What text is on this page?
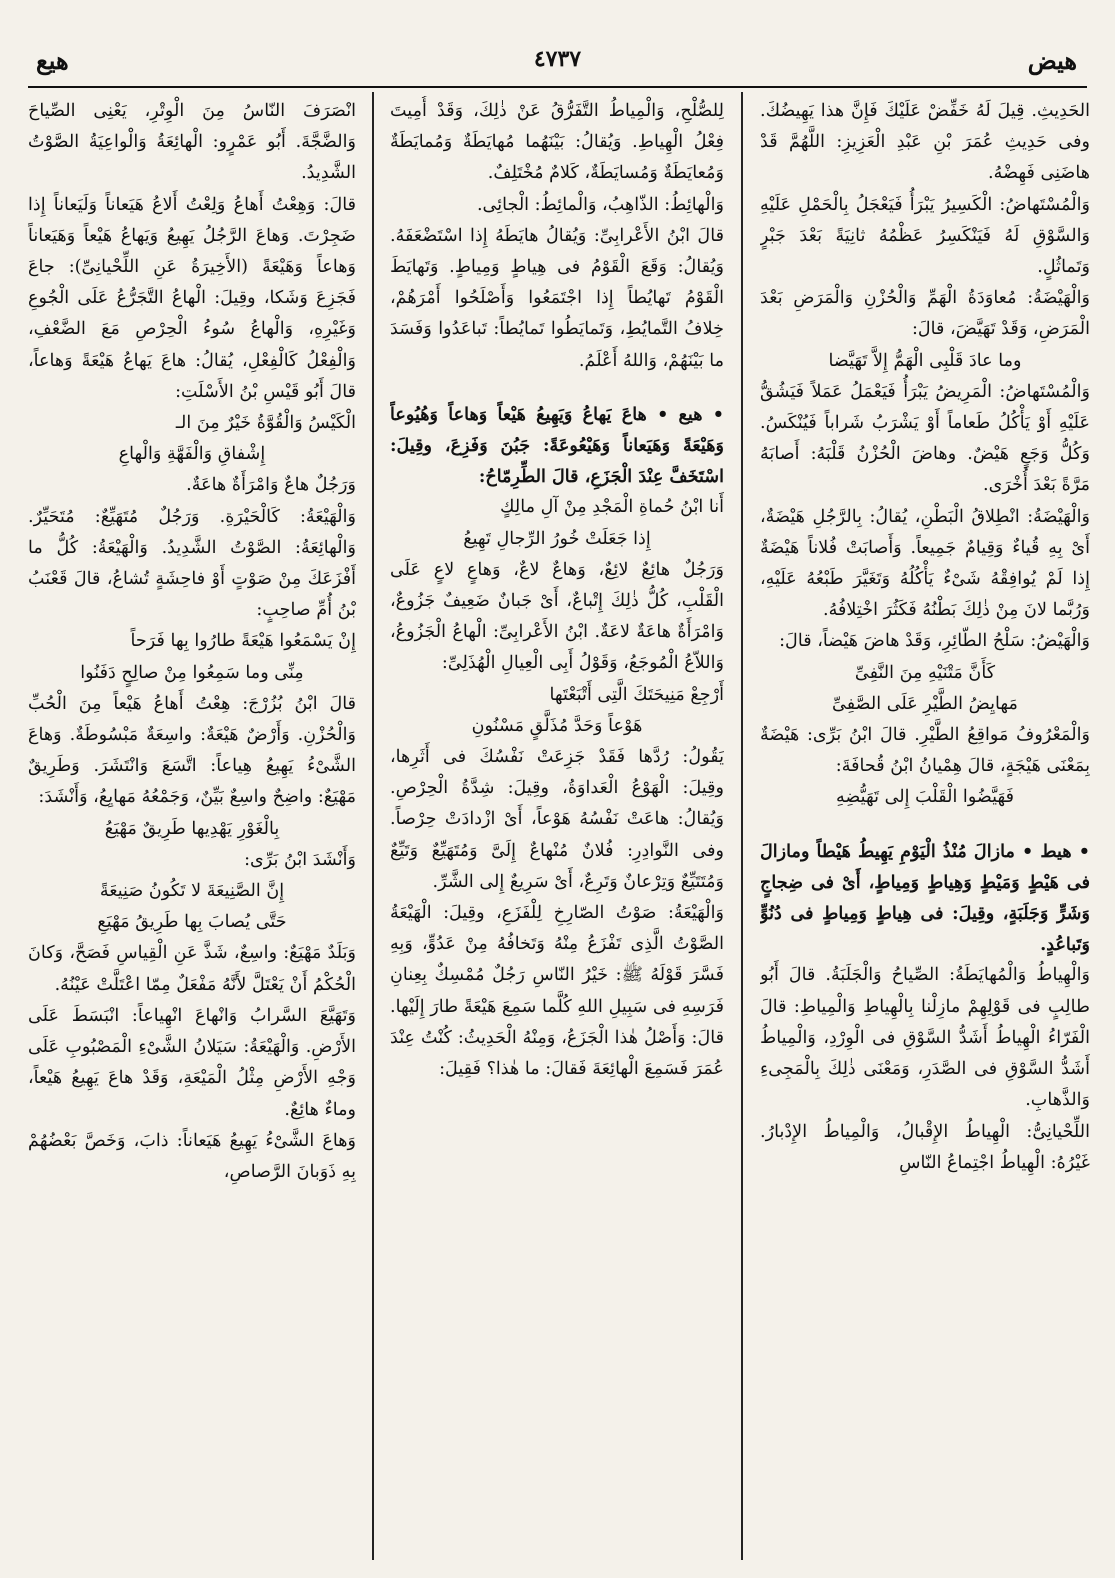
هيض
٤٧٣٧
هيع

الحَدِيثِ. قِيلَ لَهُ خَفِّضْ عَلَيْكَ فَإِنَّ هذا يَهِيضُكَ. وفى حَدِيثِ عُمَرَ بْنِ عَبْدِ الْعَزِيزِ: اللَّهُمَّ قَدْ هاضَنِى فَهِضْهُ.

وَالْمُسْتَهاضُ: الْكَسِيرُ يَبْرَأُ فَيَعْجَلُ بِالْحَمْلِ عَلَيْهِ وَالسَّوْقِ لَهُ فَيَنْكَسِرُ عَظْمُهُ ثانِيَةً بَعْدَ جَبْرٍ وَتَماثُلٍ.

وَالْهَيْضَةُ: مُعاوَدَةُ الْهَمِّ وَالْحُزْنِ وَالْمَرَضِ بَعْدَ الْمَرَضِ، وَقَدْ تَهَيَّضَ، قالَ:

وما عادَ قَلْبِى الْهَمُّ إِلاَّ تَهَيَّضا

وَالْمُسْتَهاضُ: الْمَرِيضُ يَبْرَأُ فَيَعْمَلُ عَمَلاً فَيَشُقُّ عَلَيْهِ أَوْ يَأْكُلُ طَعاماً أَوْ يَشْرَبُ شَراباً فَيُنْكَسُ. وَكُلُّ وَجَعٍ هَيْضٌ. وهاضَ الْحُزْنُ قَلْبَهُ: أَصابَهُ مَرَّةً بَعْدَ أُخْرَى.

وَالْهَيْضَةُ: انْطِلاقُ الْبَطْنِ، يُقالُ: بِالرَّجُلِ هَيْضَةٌ، أَىْ بِهِ قُياءٌ وَقِيامٌ جَمِيعاً. وَأَصابَتْ فُلاناً هَيْضَةٌ إِذا لَمْ يُوافِقْهُ شَىْءٌ يَأْكُلُهُ وَتَغَيَّرَ طَبْعُهُ عَلَيْهِ، وَرُبَّما لانَ مِنْ ذٰلِكَ بَطْنُهُ فَكَثُرَ اخْتِلافُهُ.

وَالْهَيْضُ: سَلْحُ الطّائِرِ، وَقَدْ هاضَ هَيْضاً، قالَ:

كَأَنَّ مَتْنَيْهِ مِنَ النَّفِىِّ

مَهايِضُ الطَّيْرِ عَلَى الصَّفِىِّ

وَالْمَعْرُوفُ مَواقِعُ الطَّيْرِ. قالَ ابْنُ بَرِّى: هَيْضَةٌ بِمَعْنَى هَيْجَةٍ، قالَ هِمْيانُ ابْنُ قُحافَةَ:

فَهَيَّضُوا الْقَلْبَ إِلى تَهَيُّضِهِ

• هيط • مازالَ مُنْذُ الْيَوْمِ يَهِيطُ هَيْطاً ومازالَ فى هَيْطٍ وَمَيْطٍ وَهِياطٍ وَمِياطٍ، أَىْ فى ضِجاجٍ وَشَرٍّ وَجَلَبَةٍ، وقِيلَ: فى هِياطٍ وَمِياطٍ فى دُنُوٍّ وَتَباعُدٍ.

وَالْهِياطُ وَالْمُهايَطَةُ: الصِّياحُ وَالْجَلَبَةُ. قالَ أَبُو طالِبٍ فى قَوْلِهِمْ مازِلْنا بِالْهِياطِ وَالْمِياطِ: قالَ الْفَرّاءُ الْهِياطُ أَشَدُّ السَّوْقِ فى الْوِرْدِ، وَالْمِياطُ أَشَدُّ السَّوْقِ فى الصَّدَرِ، وَمَعْنَى ذٰلِكَ بِالْمَجِىءِ وَالذَّهابِ.

اللِّحْيانِىُّ: الْهِياطُ الإِقْبالُ، وَالْمِياطُ الإِدْبارُ. غَيْرُهُ: الْهِياطُ اجْتِماعُ النّاسِ

لِلصُّلْحِ، وَالْمِياطُ التَّفَرُّقُ عَنْ ذٰلِكَ، وَقَدْ أُمِيتَ فِعْلُ الْهِياطِ. وَيُقالُ: بَيْنَهُما مُهايَطَةٌ وَمُمايَطَةٌ وَمُعايَطَةٌ وَمُسايَطَةٌ، كَلامٌ مُخْتَلِفٌ.

وَالْهائِطُ: الذّاهِبُ، وَالْمائِطُ: الْجائِى.

قالَ ابْنُ الأَعْرابِىِّ: وَيُقالُ هايَطَهُ إِذا اسْتَضْعَفَهُ. وَيُقالُ: وَقَعَ الْقَوْمُ فى هِياطٍ وَمِياطٍ. وَتَهايَطَ الْقَوْمُ تَهايُطاً إِذا اجْتَمَعُوا وَأَصْلَحُوا أَمْرَهُمْ، خِلافُ التَّمايُطِ، وَتَمايَطُوا تَمايُطاً: تَباعَدُوا وَفَسَدَ ما بَيْنَهُمْ، وَاللهُ أَعْلَمُ.

• هيع • هاعَ يَهاعُ وَيَهِيعُ هَيْعاً وَهاعاً وَهُيُوعاً وَهَيْعَةً وَهَيَعاناً وَهَيْعُوعَةً: جَبُنَ وَفَزِعَ، وقِيلَ: اسْتَخَفَّ عِنْدَ الْجَزَعِ، قالَ الطِّرِمّاحُ:

أَنا ابْنُ حُماةِ الْمَجْدِ مِنْ آلِ مالِكٍ

إِذا جَعَلَتْ خُورُ الرِّجالِ تَهِيعُ

وَرَجُلٌ هائِعٌ لائِعٌ، وَهاعٌ لاعٌ، وَهاعٍ لاعٍ عَلَى الْقَلْبِ، كُلُّ ذٰلِكَ إِتْباعٌ، أَىْ جَبانٌ ضَعِيفٌ جَزُوعٌ، وَامْرَأَةٌ هاعَةٌ لاعَةٌ. ابْنُ الأَعْرابِىِّ: الْهاعُ الْجَزُوعُ، وَاللاّعُ الْمُوجَعُ، وَقَوْلُ أَبِى الْعِيالِ الْهُذَلِىِّ:

أَرْجِعْ مَنِيحَتَكَ الَّتِى أَتْبَعْتَها

هَوْعاً وَحَدَّ مُذَلَّقٍ مَسْنُونِ

يَقُولُ: رُدَّها فَقَدْ جَزِعَتْ نَفْسُكَ فى أَثَرِها، وقِيلَ: الْهَوْعُ الْعَداوَةُ، وقِيلَ: شِدَّةُ الْحِرْصِ. وَيُقالُ: هاعَتْ نَفْسُهُ هَوْعاً، أَىْ ازْدادَتْ حِرْصاً. وفى النَّوادِرِ: فُلانٌ مُنْهاعٌ إِلَىَّ وَمُتَهَيِّعٌ وَتَيِّعٌ وَمُتَتَيِّعٌ وَتِرْعانٌ وَتَرِعٌ، أَىْ سَرِيعٌ إِلى الشَّرِّ.

وَالْهَيْعَةُ: صَوْتُ الصّارِخِ لِلْفَزَعِ، وقِيلَ: الْهَيْعَةُ الصَّوْتُ الَّذِى تَفْزَعُ مِنْهُ وَتَخافُهُ مِنْ عَدُوٍّ، وَبِهِ فَسَّرَ قَوْلَهُ ﷺ: خَيْرُ النّاسِ رَجُلٌ مُمْسِكٌ بِعِنانِ فَرَسِهِ فى سَبِيلِ اللهِ كُلَّما سَمِعَ هَيْعَةً طارَ إِلَيْها. قالَ: وَأَصْلُ هٰذا الْجَزَعُ، وَمِنْهُ الْحَدِيثُ: كُنْتُ عِنْدَ عُمَرَ فَسَمِعَ الْهائِعَةَ فَقالَ: ما هٰذا؟ فَقِيلَ:

انْصَرَفَ النّاسُ مِنَ الْوِتْرِ، يَعْنِى الصِّياحَ وَالضَّجَّةَ. أَبُو عَمْرٍو: الْهائِعَةُ وَالْواعِيَةُ الصَّوْتُ الشَّدِيدُ.

قالَ: وَهِعْتُ أَهاعُ وَلِعْتُ أَلاعُ هَيَعاناً وَلَيَعاناً إِذا ضَجِرْتَ. وَهاعَ الرَّجُلُ يَهِيعُ وَيَهاعُ هَيْعاً وَهَيَعاناً وَهاعاً وَهَيْعَةً (الأَخِيرَةُ عَنِ اللِّحْيانِىِّ): جاعَ فَجَزِعَ وَشَكا، وقِيلَ: الْهاعُ التَّجَرُّعُ عَلَى الْجُوعِ وَغَيْرِهِ، وَالْهاعُ سُوءُ الْحِرْصِ مَعَ الضَّعْفِ، وَالْفِعْلُ كَالْفِعْلِ، يُقالُ: هاعَ يَهاعُ هَيْعَةً وَهاعاً، قالَ أَبُو قَيْسِ بْنُ الأَسْلَتِ:

الْكَيْسُ وَالْقُوَّةُ خَيْرٌ مِنَ الـ

إِشْفاقِ وَالْفَهَّةِ وَالْهاعِ

وَرَجُلٌ هاعٌ وَامْرَأَةٌ هاعَةٌ.

وَالْهَيْعَةُ: كَالْحَيْرَةِ. وَرَجُلٌ مُتَهَيِّعٌ: مُتَحَيِّرٌ. وَالْهائِعَةُ: الصَّوْتُ الشَّدِيدُ. وَالْهَيْعَةُ: كُلُّ ما أَفْزَعَكَ مِنْ صَوْتٍ أَوْ فاحِشَةٍ تُشاعُ، قالَ قَعْنَبُ بْنُ أُمِّ صاحِبٍ:

إِنْ يَسْمَعُوا هَيْعَةً طارُوا بِها فَرَحاً

مِنِّى وما سَمِعُوا مِنْ صالِحٍ دَفَنُوا

قالَ ابْنُ بُزُرْجَ: هِعْتُ أَهاعُ هَيْعاً مِنَ الْحُبِّ وَالْحُزْنِ. وَأَرْضٌ هَيْعَةٌ: واسِعَةٌ مَبْسُوطَةٌ. وَهاعَ الشَّىْءُ يَهِيعُ هِياعاً: اتَّسَعَ وَانْتَشَرَ. وَطَرِيقٌ مَهْيَعٌ: واضِحٌ واسِعٌ بَيِّنٌ، وَجَمْعُهُ مَهايِعُ، وَأَنْشَدَ:

بِالْغَوْرِ يَهْدِيها طَرِيقٌ مَهْيَعُ

وَأَنْشَدَ ابْنُ بَرِّى:

إِنَّ الصَّنِيعَةَ لا تَكُونُ صَنِيعَةً

حَتَّى يُصابَ بِها طَرِيقُ مَهْيَعِ

وَبَلَدٌ مَهْيَعٌ: واسِعٌ، شَذَّ عَنِ الْقِياسِ فَصَحَّ، وَكانَ الْحُكْمُ أَنْ يَعْتَلَّ لأَنَّهُ مَفْعَلٌ مِمّا اعْتَلَّتْ عَيْنُهُ.

وَتَهَيَّعَ السَّرابُ وَانْهاعَ انْهِياعاً: انْبَسَطَ عَلَى الأَرْضِ. وَالْهَيْعَةُ: سَيَلانُ الشَّىْءِ الْمَصْبُوبِ عَلَى وَجْهِ الأَرْضِ مِثْلُ الْمَيْعَةِ، وَقَدْ هاعَ يَهِيعُ هَيْعاً، وماءٌ هائِعٌ.

وَهاعَ الشَّىْءُ يَهِيعُ هَيَعاناً: ذابَ، وَخَصَّ بَعْضُهُمْ بِهِ ذَوَبانَ الرَّصاصِ،
